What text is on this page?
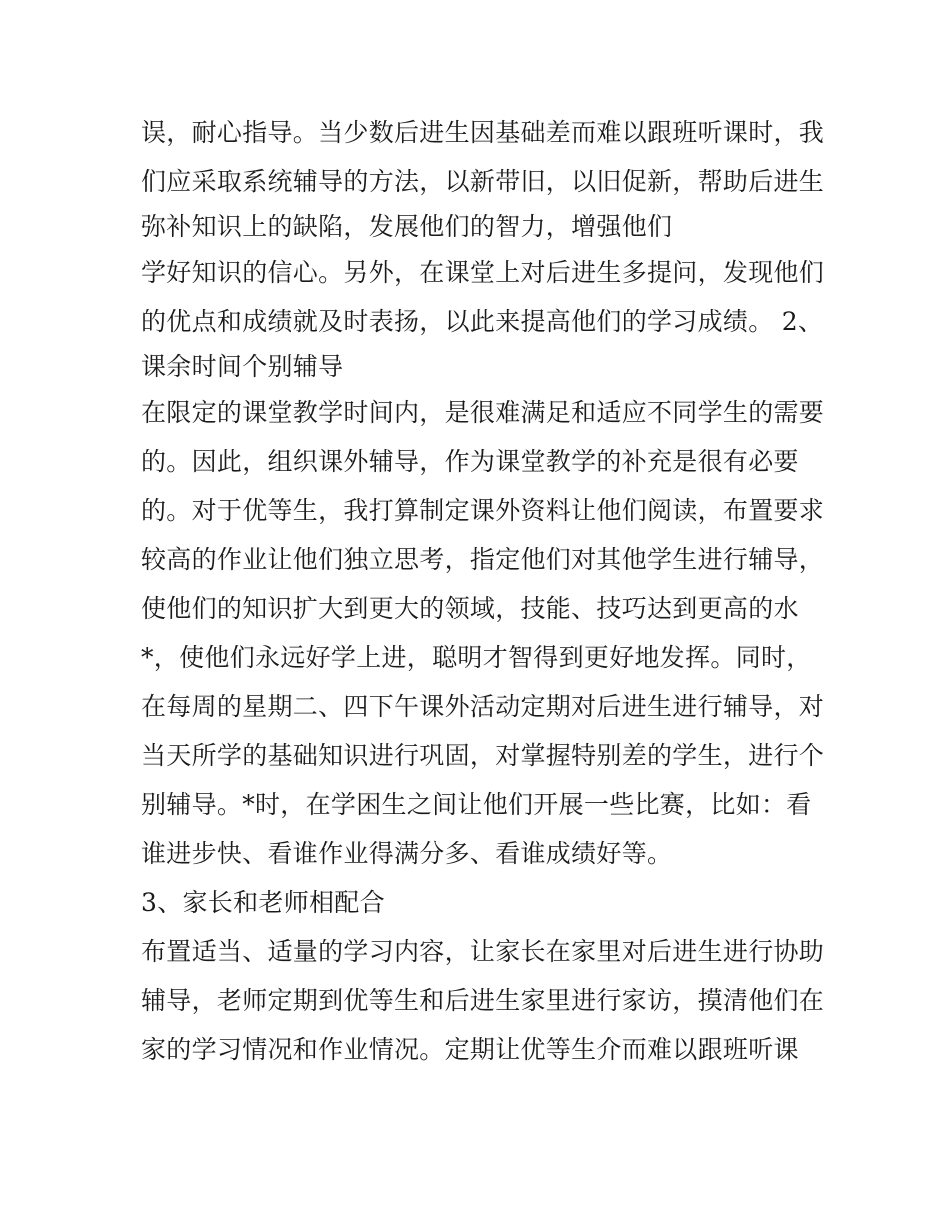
误，耐心指导。当少数后进生因基础差而难以跟班听课时，我
们应采取系统辅导的方法，以新带旧，以旧促新，帮助后进生
弥补知识上的缺陷，发展他们的智力，增强他们
学好知识的信心。另外，在课堂上对后进生多提问，发现他们
的优点和成绩就及时表扬，以此来提高他们的学习成绩。 2、
课余时间个别辅导
在限定的课堂教学时间内，是很难满足和适应不同学生的需要
的。因此，组织课外辅导，作为课堂教学的补充是很有必要
的。对于优等生，我打算制定课外资料让他们阅读，布置要求
较高的作业让他们独立思考，指定他们对其他学生进行辅导，
使他们的知识扩大到更大的领域，技能、技巧达到更高的水
*，使他们永远好学上进，聪明才智得到更好地发挥。同时，
在每周的星期二、四下午课外活动定期对后进生进行辅导，对
当天所学的基础知识进行巩固，对掌握特别差的学生，进行个
别辅导。*时，在学困生之间让他们开展一些比赛，比如：看
谁进步快、看谁作业得满分多、看谁成绩好等。
3、家长和老师相配合
布置适当、适量的学习内容，让家长在家里对后进生进行协助
辅导，老师定期到优等生和后进生家里进行家访，摸清他们在
家的学习情况和作业情况。定期让优等生介而难以跟班听课
